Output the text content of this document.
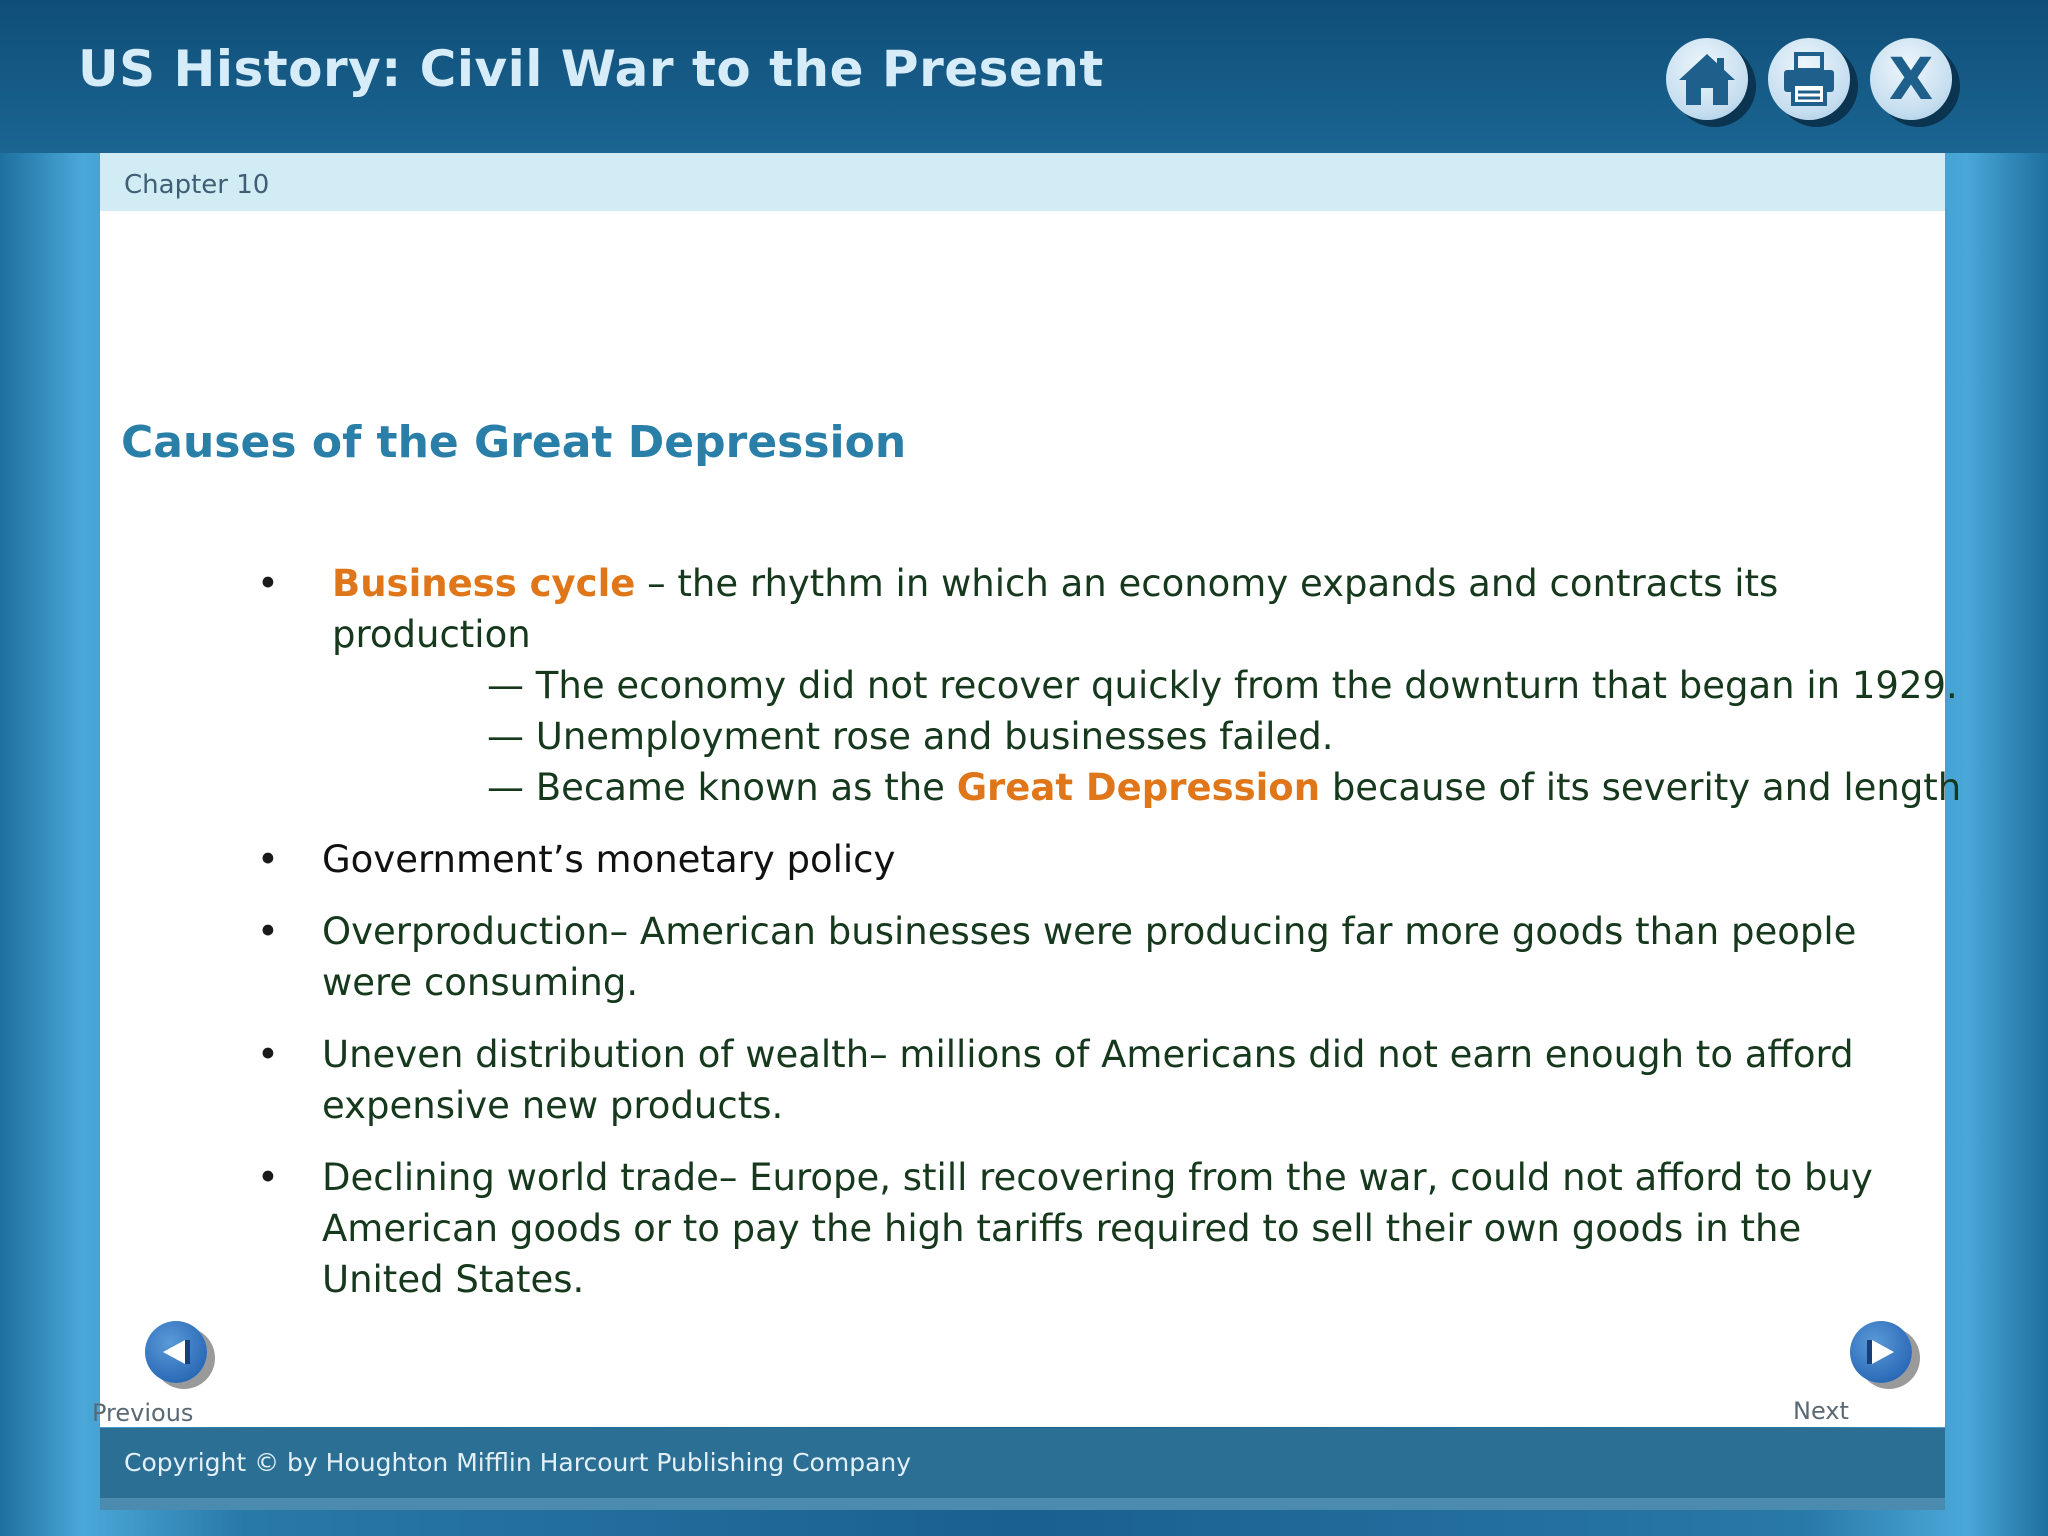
US History: Civil War to the Present	X
Chapter 10
Causes of the Great Depression
• Business cycle – the rhythm in which an economy expands and contracts its production
— The economy did not recover quickly from the downturn that began in 1929.
— Unemployment rose and businesses failed.
— Became known as the Great Depression because of its severity and length
• Government’s monetary policy
• Overproduction– American businesses were producing far more goods than people were consuming.
• Uneven distribution of wealth– millions of Americans did not earn enough to afford expensive new products.
• Declining world trade– Europe, still recovering from the war, could not afford to buy American goods or to pay the high tariffs required to sell their own goods in the United States.
Previous	Next
Copyright © by Houghton Mifflin Harcourt Publishing Company
